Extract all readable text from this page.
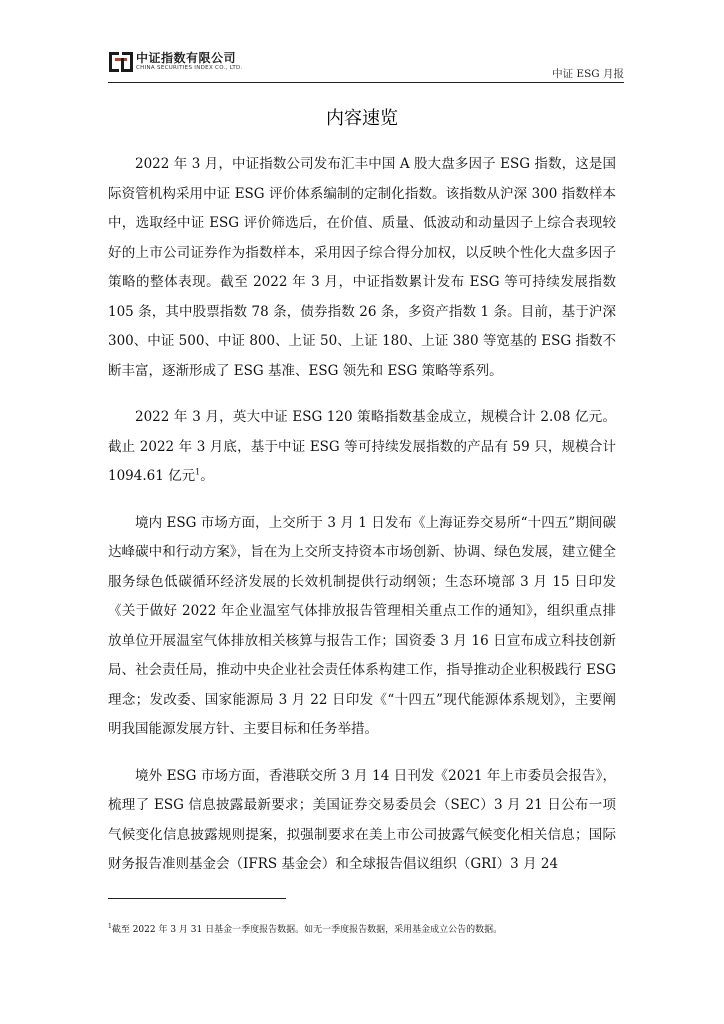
中证指数有限公司
CHINA SECURITIES INDEX CO., LTD.	中证 ESG 月报
内容速览

2022 年 3 月，中证指数公司发布汇丰中国 A 股大盘多因子 ESG 指数，这是国际资管机构采用中证 ESG 评价体系编制的定制化指数。该指数从沪深 300 指数样本中，选取经中证 ESG 评价筛选后，在价值、质量、低波动和动量因子上综合表现较好的上市公司证券作为指数样本，采用因子综合得分加权，以反映个性化大盘多因子策略的整体表现。截至 2022 年 3 月，中证指数累计发布 ESG 等可持续发展指数 105 条，其中股票指数 78 条，债券指数 26 条，多资产指数 1 条。目前，基于沪深 300、中证 500、中证 800、上证 50、上证 180、上证 380 等宽基的 ESG 指数不断丰富，逐渐形成了 ESG 基准、ESG 领先和 ESG 策略等系列。

2022 年 3 月，英大中证 ESG 120 策略指数基金成立，规模合计 2.08 亿元。截止 2022 年 3 月底，基于中证 ESG 等可持续发展指数的产品有 59 只，规模合计 1094.61 亿元$^1$。

境内 ESG 市场方面，上交所于 3 月 1 日发布《上海证券交易所“十四五”期间碳达峰碳中和行动方案》，旨在为上交所支持资本市场创新、协调、绿色发展，建立健全服务绿色低碳循环经济发展的长效机制提供行动纲领；生态环境部 3 月 15 日印发《关于做好 2022 年企业温室气体排放报告管理相关重点工作的通知》，组织重点排放单位开展温室气体排放相关核算与报告工作；国资委 3 月 16 日宣布成立科技创新局、社会责任局，推动中央企业社会责任体系构建工作，指导推动企业积极践行 ESG 理念；发改委、国家能源局 3 月 22 日印发《“十四五”现代能源体系规划》，主要阐明我国能源发展方针、主要目标和任务举措。

境外 ESG 市场方面，香港联交所 3 月 14 日刊发《2021 年上市委员会报告》，梳理了 ESG 信息披露最新要求；美国证券交易委员会（SEC）3 月 21 日公布一项气候变化信息披露规则提案，拟强制要求在美上市公司披露气候变化相关信息；国际财务报告准则基金会（IFRS 基金会）和全球报告倡议组织（GRI）3 月 24

$^1$截至 2022 年 3 月 31 日基金一季度报告数据。如无一季度报告数据，采用基金成立公告的数据。
